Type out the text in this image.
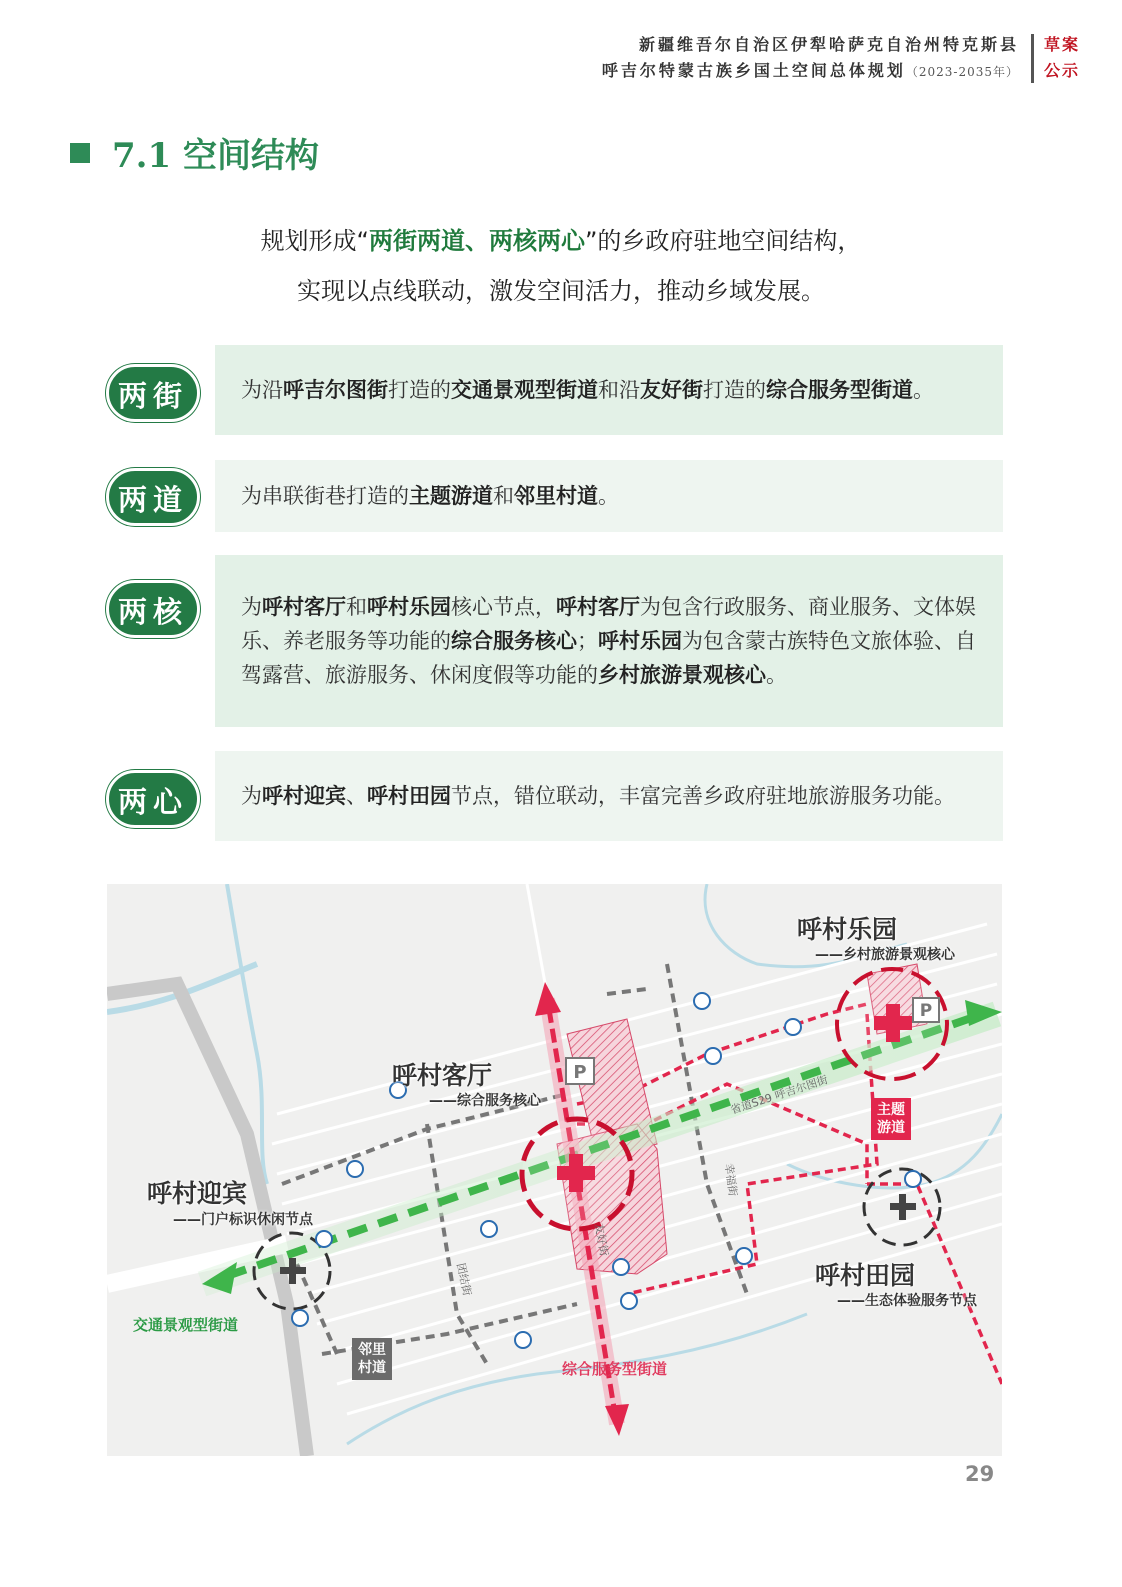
新疆维吾尔自治区伊犁哈萨克自治州特克斯县
呼吉尔特蒙古族乡国土空间总体规划（2023-2035年）
草案
公示
7.1 空间结构
规划形成“两街两道、两核两心”的乡政府驻地空间结构，
实现以点线联动，激发空间活力，推动乡域发展。
两街	为沿呼吉尔图街打造的交通景观型街道和沿友好街打造的综合服务型街道。
两道	为串联街巷打造的主题游道和邻里村道。
两核	为呼村客厅和呼村乐园核心节点，呼村客厅为包含行政服务、商业服务、文体娱乐、养老服务等功能的综合服务核心；呼村乐园为包含蒙古族特色文旅体验、自驾露营、旅游服务、休闲度假等功能的乡村旅游景观核心。
两心	为呼村迎宾、呼村田园节点，错位联动，丰富完善乡政府驻地旅游服务功能。
P
P
省道S29 呼吉尔图街
团结街
幸福街
友好街
呼村乐园
——乡村旅游景观核心
呼村客厅
——综合服务核心
呼村迎宾
——门户标识休闲节点
呼村田园
——生态体验服务节点
主题
游道
邻里
村道
交通景观型街道
综合服务型街道
29
